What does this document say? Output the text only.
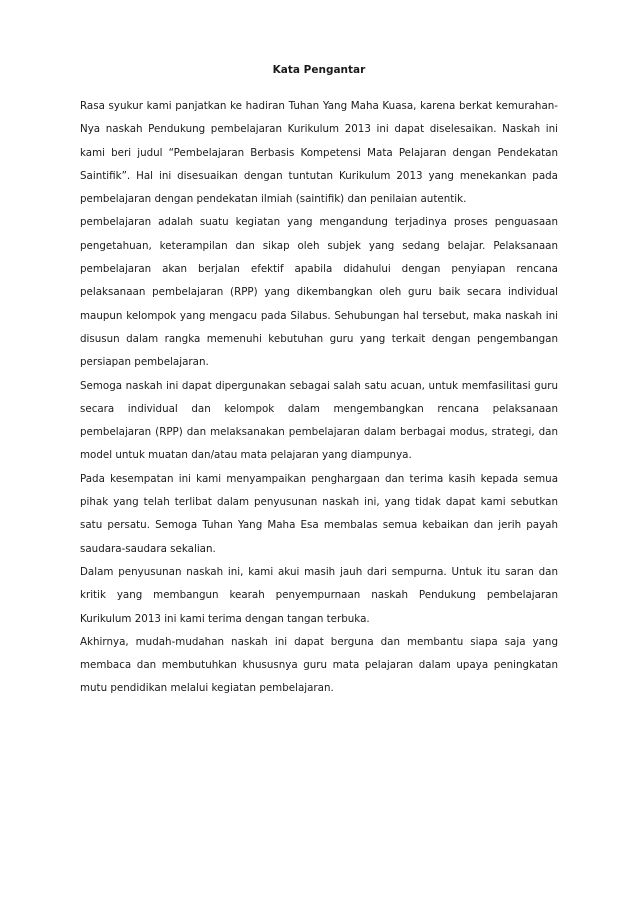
Kata Pengantar

Rasa syukur kami panjatkan ke hadiran Tuhan Yang Maha Kuasa, karena berkat kemurahan-Nya naskah Pendukung pembelajaran Kurikulum 2013 ini dapat diselesaikan. Naskah ini kami beri judul “Pembelajaran Berbasis Kompetensi Mata Pelajaran dengan Pendekatan Saintifik”. Hal ini disesuaikan dengan tuntutan Kurikulum 2013 yang menekankan pada pembelajaran dengan pendekatan ilmiah (saintifik) dan penilaian autentik.

pembelajaran adalah suatu kegiatan yang mengandung terjadinya proses penguasaan pengetahuan, keterampilan dan sikap oleh subjek yang sedang belajar. Pelaksanaan pembelajaran akan berjalan efektif apabila didahului dengan penyiapan rencana pelaksanaan pembelajaran (RPP) yang dikembangkan oleh guru baik secara individual maupun kelompok yang mengacu pada Silabus. Sehubungan hal tersebut, maka naskah ini disusun dalam rangka memenuhi kebutuhan guru yang terkait dengan pengembangan persiapan pembelajaran.

Semoga naskah ini dapat dipergunakan sebagai salah satu acuan, untuk memfasilitasi guru secara individual dan kelompok dalam mengembangkan rencana pelaksanaan pembelajaran (RPP) dan melaksanakan pembelajaran dalam berbagai modus, strategi, dan model untuk muatan dan/atau mata pelajaran yang diampunya.

Pada kesempatan ini kami menyampaikan penghargaan dan terima kasih kepada semua pihak yang telah terlibat dalam penyusunan naskah ini, yang tidak dapat kami sebutkan satu persatu. Semoga Tuhan Yang Maha Esa membalas semua kebaikan dan jerih payah saudara-saudara sekalian.

Dalam penyusunan naskah ini, kami akui masih jauh dari sempurna. Untuk itu saran dan kritik yang membangun kearah penyempurnaan naskah Pendukung pembelajaran Kurikulum 2013 ini kami terima dengan tangan terbuka.

Akhirnya, mudah-mudahan naskah ini dapat berguna dan membantu siapa saja yang membaca dan membutuhkan khususnya guru mata pelajaran dalam upaya peningkatan mutu pendidikan melalui kegiatan pembelajaran.
